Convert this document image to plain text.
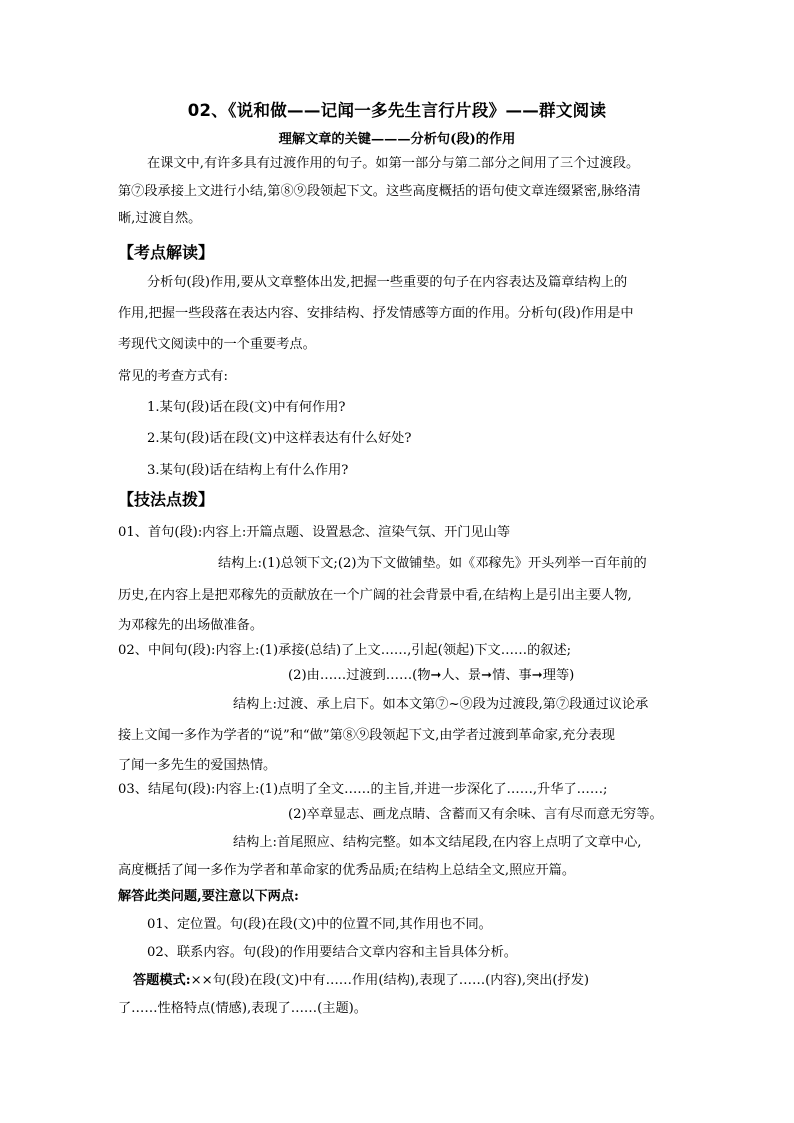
02、《说和做——记闻一多先生言行片段》——群文阅读
理解文章的关键———分析句(段)的作用
在课文中,有许多具有过渡作用的句子。如第一部分与第二部分之间用了三个过渡段。
第⑦段承接上文进行小结,第⑧⑨段领起下文。这些高度概括的语句使文章连缀紧密,脉络清
晰,过渡自然。
【考点解读】
分析句(段)作用,要从文章整体出发,把握一些重要的句子在内容表达及篇章结构上的
作用,把握一些段落在表达内容、安排结构、抒发情感等方面的作用。分析句(段)作用是中
考现代文阅读中的一个重要考点。
常见的考查方式有:
1.某句(段)话在段(文)中有何作用?
2.某句(段)话在段(文)中这样表达有什么好处?
3.某句(段)话在结构上有什么作用?
【技法点拨】
01、首句(段):内容上:开篇点题、设置悬念、渲染气氛、开门见山等
结构上:(1)总领下文;(2)为下文做铺垫。如《邓稼先》开头列举一百年前的
历史,在内容上是把邓稼先的贡献放在一个广阔的社会背景中看,在结构上是引出主要人物,
为邓稼先的出场做准备。
02、中间句(段):内容上:(1)承接(总结)了上文……,引起(领起)下文……的叙述;
(2)由……过渡到……(物➞人、景➞情、事➞理等)
结构上:过渡、承上启下。如本文第⑦~⑨段为过渡段,第⑦段通过议论承
接上文闻一多作为学者的“说”和“做”第⑧⑨段领起下文,由学者过渡到革命家,充分表现
了闻一多先生的爱国热情。
03、结尾句(段):内容上:(1)点明了全文……的主旨,并进一步深化了……,升华了……;
(2)卒章显志、画龙点睛、含蓄而又有余味、言有尽而意无穷等。
结构上:首尾照应、结构完整。如本文结尾段,在内容上点明了文章中心,
高度概括了闻一多作为学者和革命家的优秀品质;在结构上总结全文,照应开篇。
解答此类问题,要注意以下两点:
01、定位置。句(段)在段(文)中的位置不同,其作用也不同。
02、联系内容。句(段)的作用要结合文章内容和主旨具体分析。
答题模式:××句(段)在段(文)中有……作用(结构),表现了……(内容),突出(抒发)
了……性格特点(情感),表现了……(主题)。
